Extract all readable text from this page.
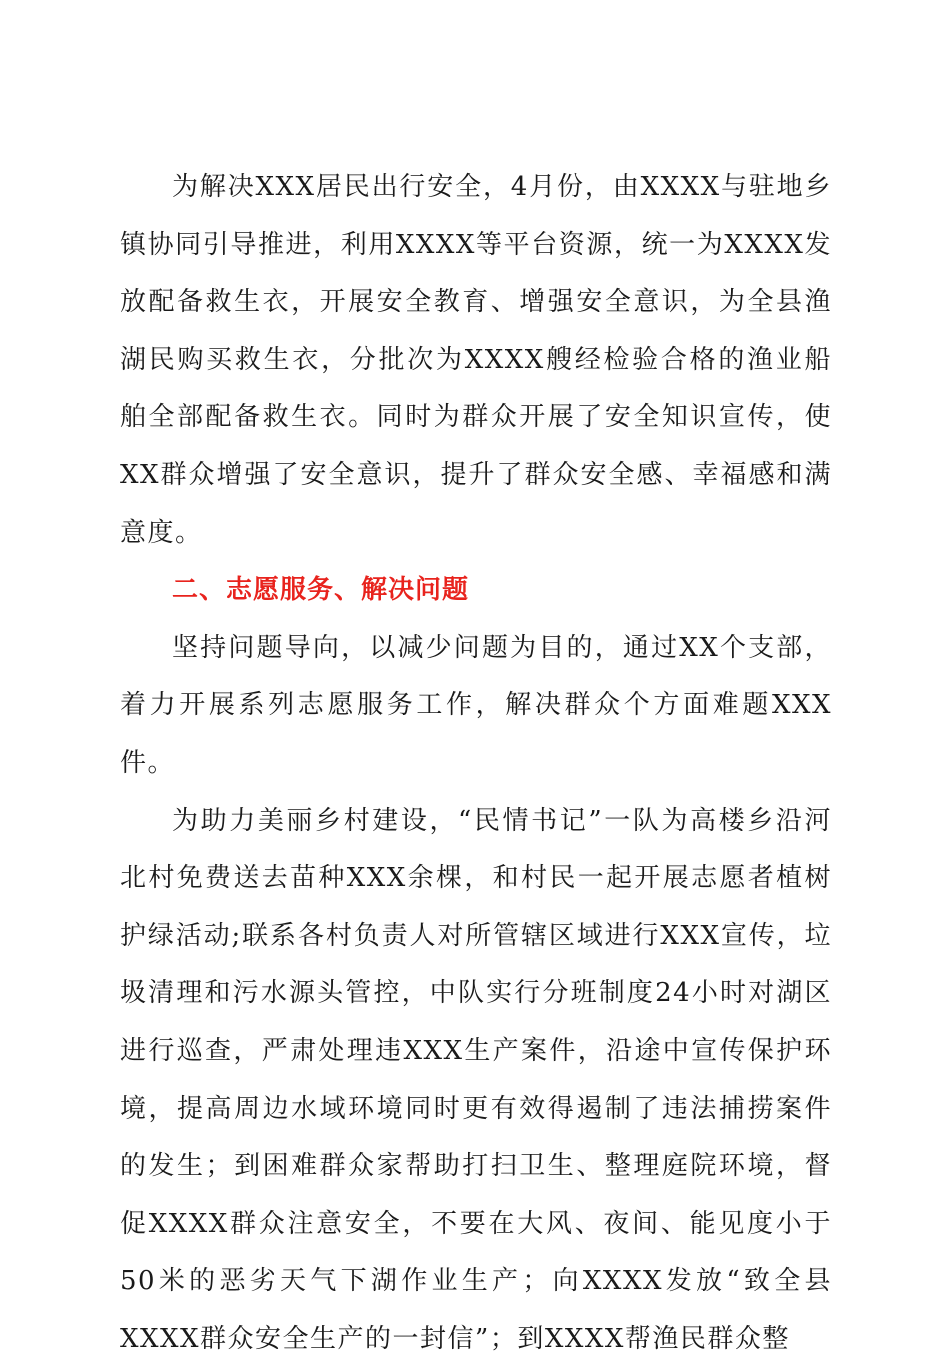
为解决XXX居民出行安全，4月份，由XXXX与驻地乡镇协同引导推进，利用XXXX等平台资源，统一为XXXX发放配备救生衣，开展安全教育、增强安全意识，为全县渔湖民购买救生衣，分批次为XXXX艘经检验合格的渔业船舶全部配备救生衣。同时为群众开展了安全知识宣传，使XX群众增强了安全意识，提升了群众安全感、幸福感和满意度。

二、志愿服务、解决问题

坚持问题导向，以减少问题为目的，通过XX个支部，着力开展系列志愿服务工作，解决群众个方面难题XXX件。

为助力美丽乡村建设，“民情书记”一队为高楼乡沿河北村免费送去苗种XXX余棵，和村民一起开展志愿者植树护绿活动;联系各村负责人对所管辖区域进行XXX宣传，垃圾清理和污水源头管控，中队实行分班制度24小时对湖区进行巡查，严肃处理违XXX生产案件，沿途中宣传保护环境，提高周边水域环境同时更有效得遏制了违法捕捞案件的发生；到困难群众家帮助打扫卫生、整理庭院环境，督促XXXX群众注意安全，不要在大风、夜间、能见度小于50米的恶劣天气下湖作业生产；向XXXX发放“致全县XXXX群众安全生产的一封信”；到XXXX帮渔民群众整
